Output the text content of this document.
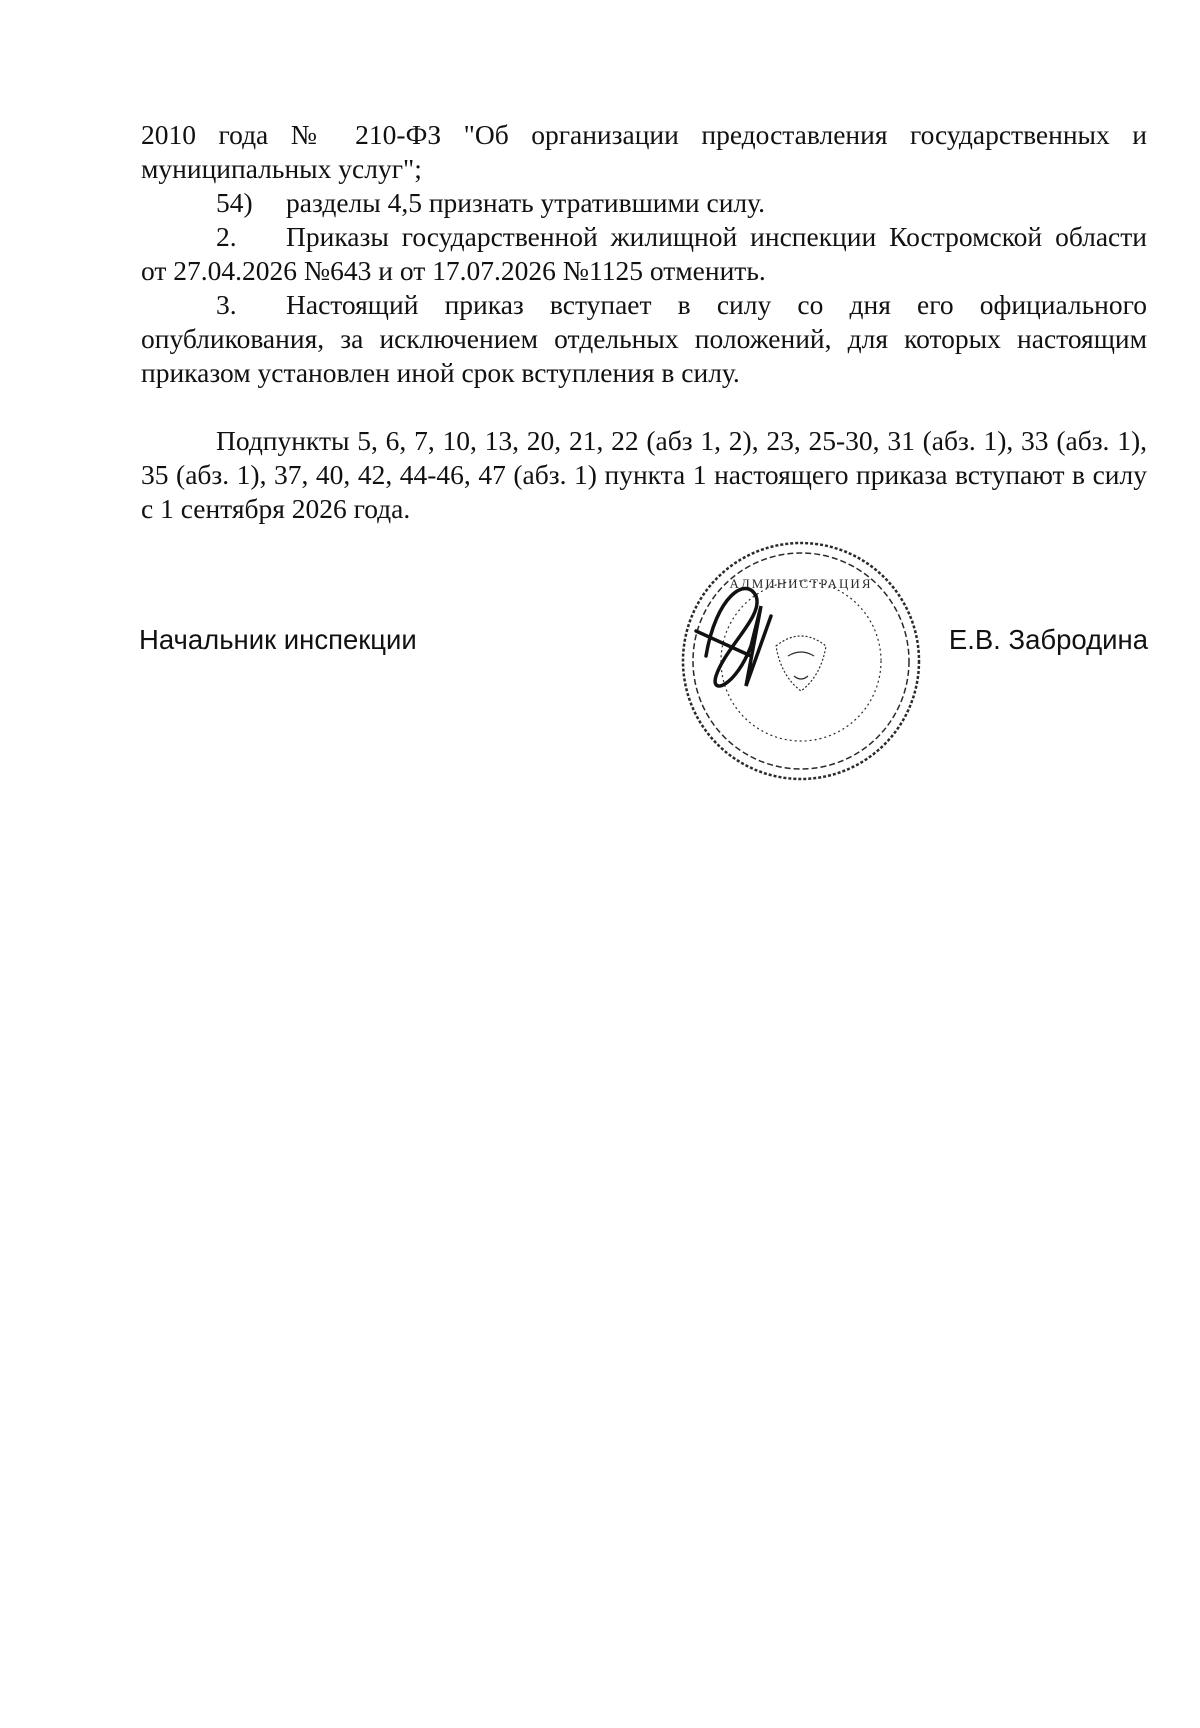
2010 года № 210-ФЗ "Об организации предоставления государственных и муниципальных услуг";

54) разделы 4,5 признать утратившими силу.

2. Приказы государственной жилищной инспекции Костромской области от 27.04.2026 №643 и от 17.07.2026 №1125 отменить.

3. Настоящий приказ вступает в силу со дня его официального опубликования, за исключением отдельных положений, для которых настоящим приказом установлен иной срок вступления в силу.

Подпункты 5, 6, 7, 10, 13, 20, 21, 22 (абз 1, 2), 23, 25-30, 31 (абз. 1), 33 (абз. 1), 35 (абз. 1), 37, 40, 42, 44-46, 47 (абз. 1) пункта 1 настоящего приказа вступают в силу с 1 сентября 2026 года.

Начальник инспекции
АДМИНИСТРАЦИЯ
Е.В. Забродина
